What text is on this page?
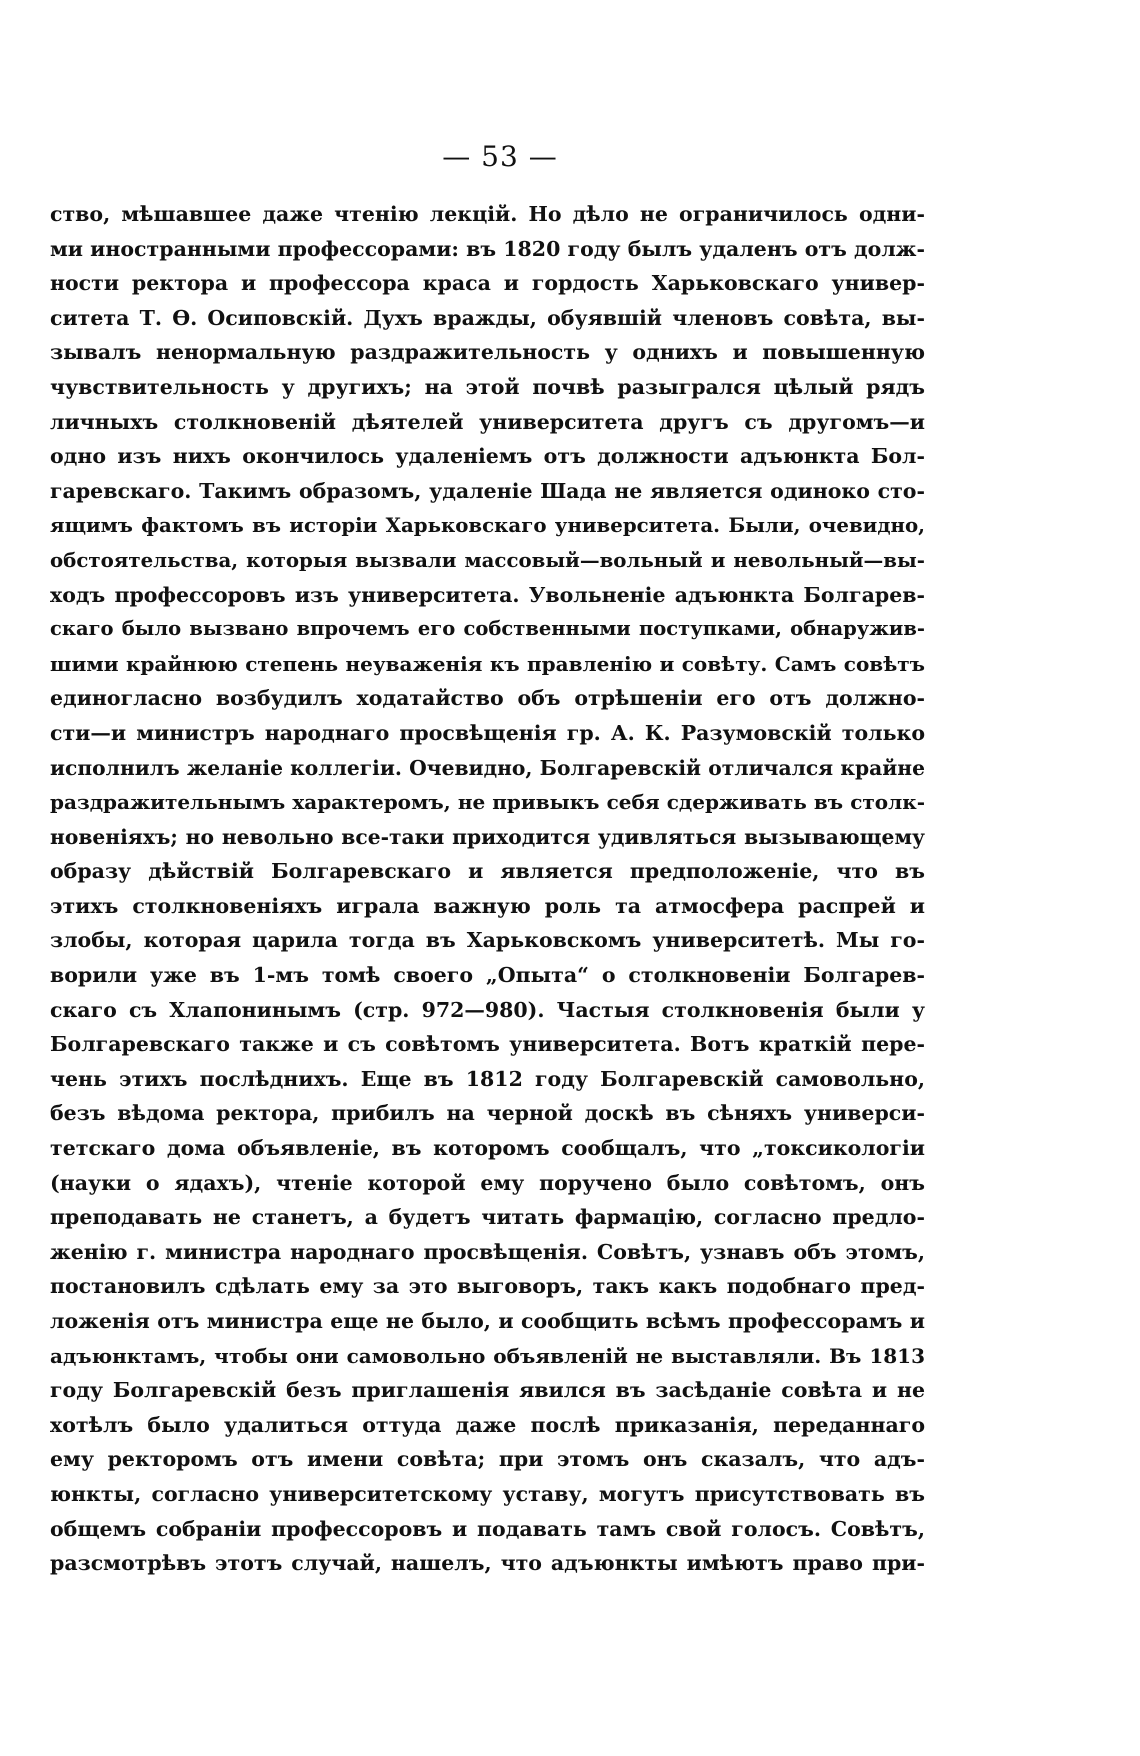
— 53 —
ство, мѣшавшее даже чтенію лекцій. Но дѣло не ограничилось одни-
ми иностранными профессорами: въ 1820 году былъ удаленъ отъ долж-
ности ректора и профессора краса и гордость Харьковскаго универ-
ситета Т. Ѳ. Осиповскій. Духъ вражды, обуявшій членовъ совѣта, вы-
зывалъ ненормальную раздражительность у однихъ и повышенную
чувствительность у другихъ; на этой почвѣ разыгрался цѣлый рядъ
личныхъ столкновеній дѣятелей университета другъ съ другомъ—и
одно изъ нихъ окончилось удаленіемъ отъ должности адъюнкта Бол-
гаревскаго. Такимъ образомъ, удаленіе Шада не является одиноко сто-
ящимъ фактомъ въ исторіи Харьковскаго университета. Были, очевидно,
обстоятельства, которыя вызвали массовый—вольный и невольный—вы-
ходъ профессоровъ изъ университета. Увольненіе адъюнкта Болгарев-
скаго было вызвано впрочемъ его собственными поступками, обнаружив-
шими крайнюю степень неуваженія къ правленію и совѣту. Самъ совѣтъ
единогласно возбудилъ ходатайство объ отрѣшеніи его отъ должно-
сти—и министръ народнаго просвѣщенія гр. А. К. Разумовскій только
исполнилъ желаніе коллегіи. Очевидно, Болгаревскій отличался крайне
раздражительнымъ характеромъ, не привыкъ себя сдерживать въ столк-
новеніяхъ; но невольно все-таки приходится удивляться вызывающему
образу дѣйствій Болгаревскаго и является предположеніе, что въ
этихъ столкновеніяхъ играла важную роль та атмосфера распрей и
злобы, которая царила тогда въ Харьковскомъ университетѣ. Мы го-
ворили уже въ 1-мъ томѣ своего „Опыта“ о столкновеніи Болгарев-
скаго съ Хлапонинымъ (стр. 972—980). Частыя столкновенія были у
Болгаревскаго также и съ совѣтомъ университета. Вотъ краткій пере-
чень этихъ послѣднихъ. Еще въ 1812 году Болгаревскій самовольно,
безъ вѣдома ректора, прибилъ на черной доскѣ въ сѣняхъ универси-
тетскаго дома объявленіе, въ которомъ сообщалъ, что „токсикологіи
(науки о ядахъ), чтеніе которой ему поручено было совѣтомъ, онъ
преподавать не станетъ, а будетъ читать фармацію, согласно предло-
женію г. министра народнаго просвѣщенія. Совѣтъ, узнавъ объ этомъ,
постановилъ сдѣлать ему за это выговоръ, такъ какъ подобнаго пред-
ложенія отъ министра еще не было, и сообщить всѣмъ профессорамъ и
адъюнктамъ, чтобы они самовольно объявленій не выставляли. Въ 1813
году Болгаревскій безъ приглашенія явился въ засѣданіе совѣта и не
хотѣлъ было удалиться оттуда даже послѣ приказанія, переданнаго
ему ректоромъ отъ имени совѣта; при этомъ онъ сказалъ, что адъ-
юнкты, согласно университетскому уставу, могутъ присутствовать въ
общемъ собраніи профессоровъ и подавать тамъ свой голосъ. Совѣтъ,
разсмотрѣвъ этотъ случай, нашелъ, что адъюнкты имѣютъ право при-
